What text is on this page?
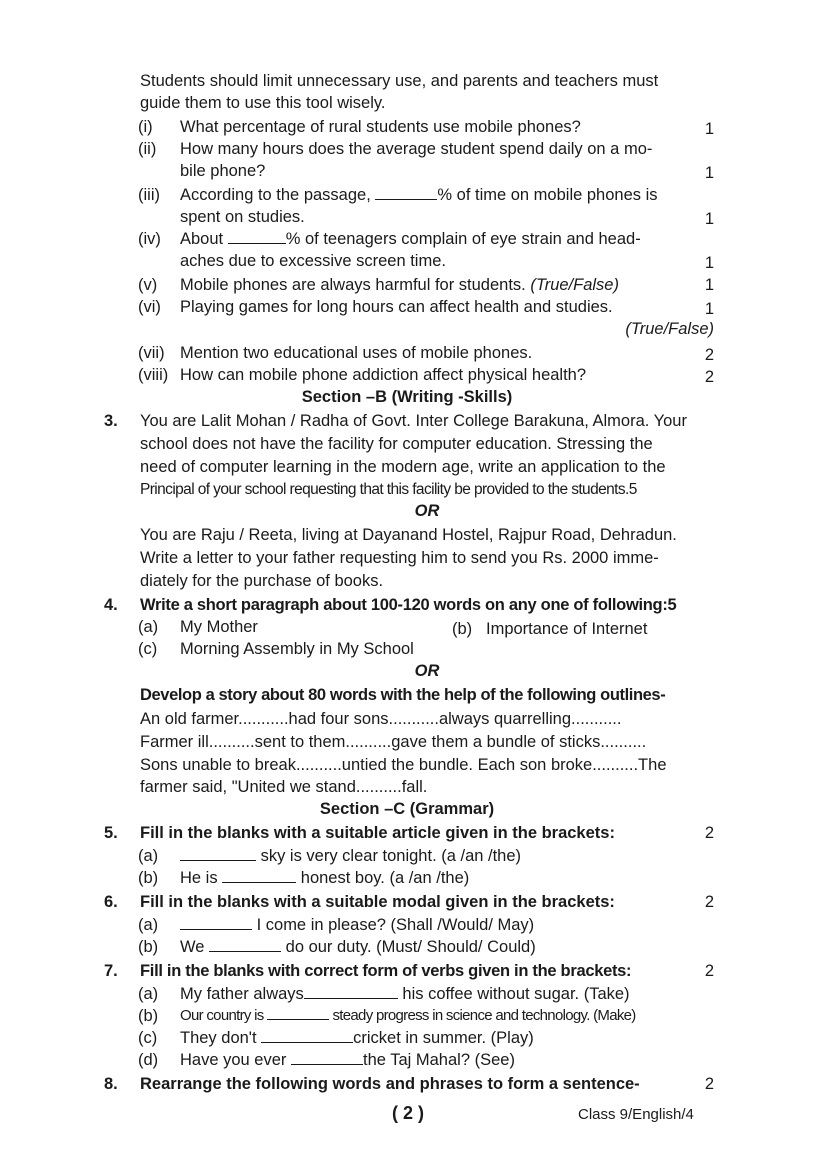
Students should limit unnecessary use, and parents and teachers must
guide them to use this tool wisely.
(i) What percentage of rural students use mobile phones?	1
(ii) How many hours does the average student spend daily on a mo-
bile phone?	1
(iii) According to the passage,	% of time on mobile phones is
spent on studies.	1
(iv) About	% of teenagers complain of eye strain and head-
aches due to excessive screen time.	1
(v) Mobile phones are always harmful for students. (True/False)	1
(vi) Playing games for long hours can affect health and studies.	1
(True/False)
(vii) Mention two educational uses of mobile phones.	2
(viii) How can mobile phone addiction affect physical health?	2
Section –B (Writing -Skills)
3. You are Lalit Mohan / Radha of Govt. Inter College Barakuna, Almora. Your
school does not have the facility for computer education. Stressing the
need of computer learning in the modern age, write an application to the
Principal of your school requesting that this facility be provided to the students.5
OR
You are Raju / Reeta, living at Dayanand Hostel, Rajpur Road, Dehradun.
Write a letter to your father requesting him to send you Rs. 2000 imme-
diately for the purchase of books.
4. Write a short paragraph about 100-120 words on any one of following:5
(a) My Mother	(b) Importance of Internet
(c) Morning Assembly in My School
OR
Develop a story about 80 words with the help of the following outlines-
An old farmer...........had four sons...........always quarrelling...........
Farmer ill..........sent to them..........gave them a bundle of sticks..........
Sons unable to break..........untied the bundle. Each son broke..........The
farmer said, "United we stand..........fall.
Section –C (Grammar)
5. Fill in the blanks with a suitable article given in the brackets:	2
(a)	sky is very clear tonight. (a /an /the)
(b) He is	honest boy. (a /an /the)
6. Fill in the blanks with a suitable modal given in the brackets:	2
(a)	I come in please? (Shall /Would/ May)
(b) We	do our duty. (Must/ Should/ Could)
7. Fill in the blanks with correct form of verbs given in the brackets:	2
(a) My father always	his coffee without sugar. (Take)
(b) Our country is	steady progress in science and technology. (Make)
(c) They don't	cricket in summer. (Play)
(d) Have you ever	the Taj Mahal? (See)
8. Rearrange the following words and phrases to form a sentence-	2
( 2 )	Class 9/English/4
